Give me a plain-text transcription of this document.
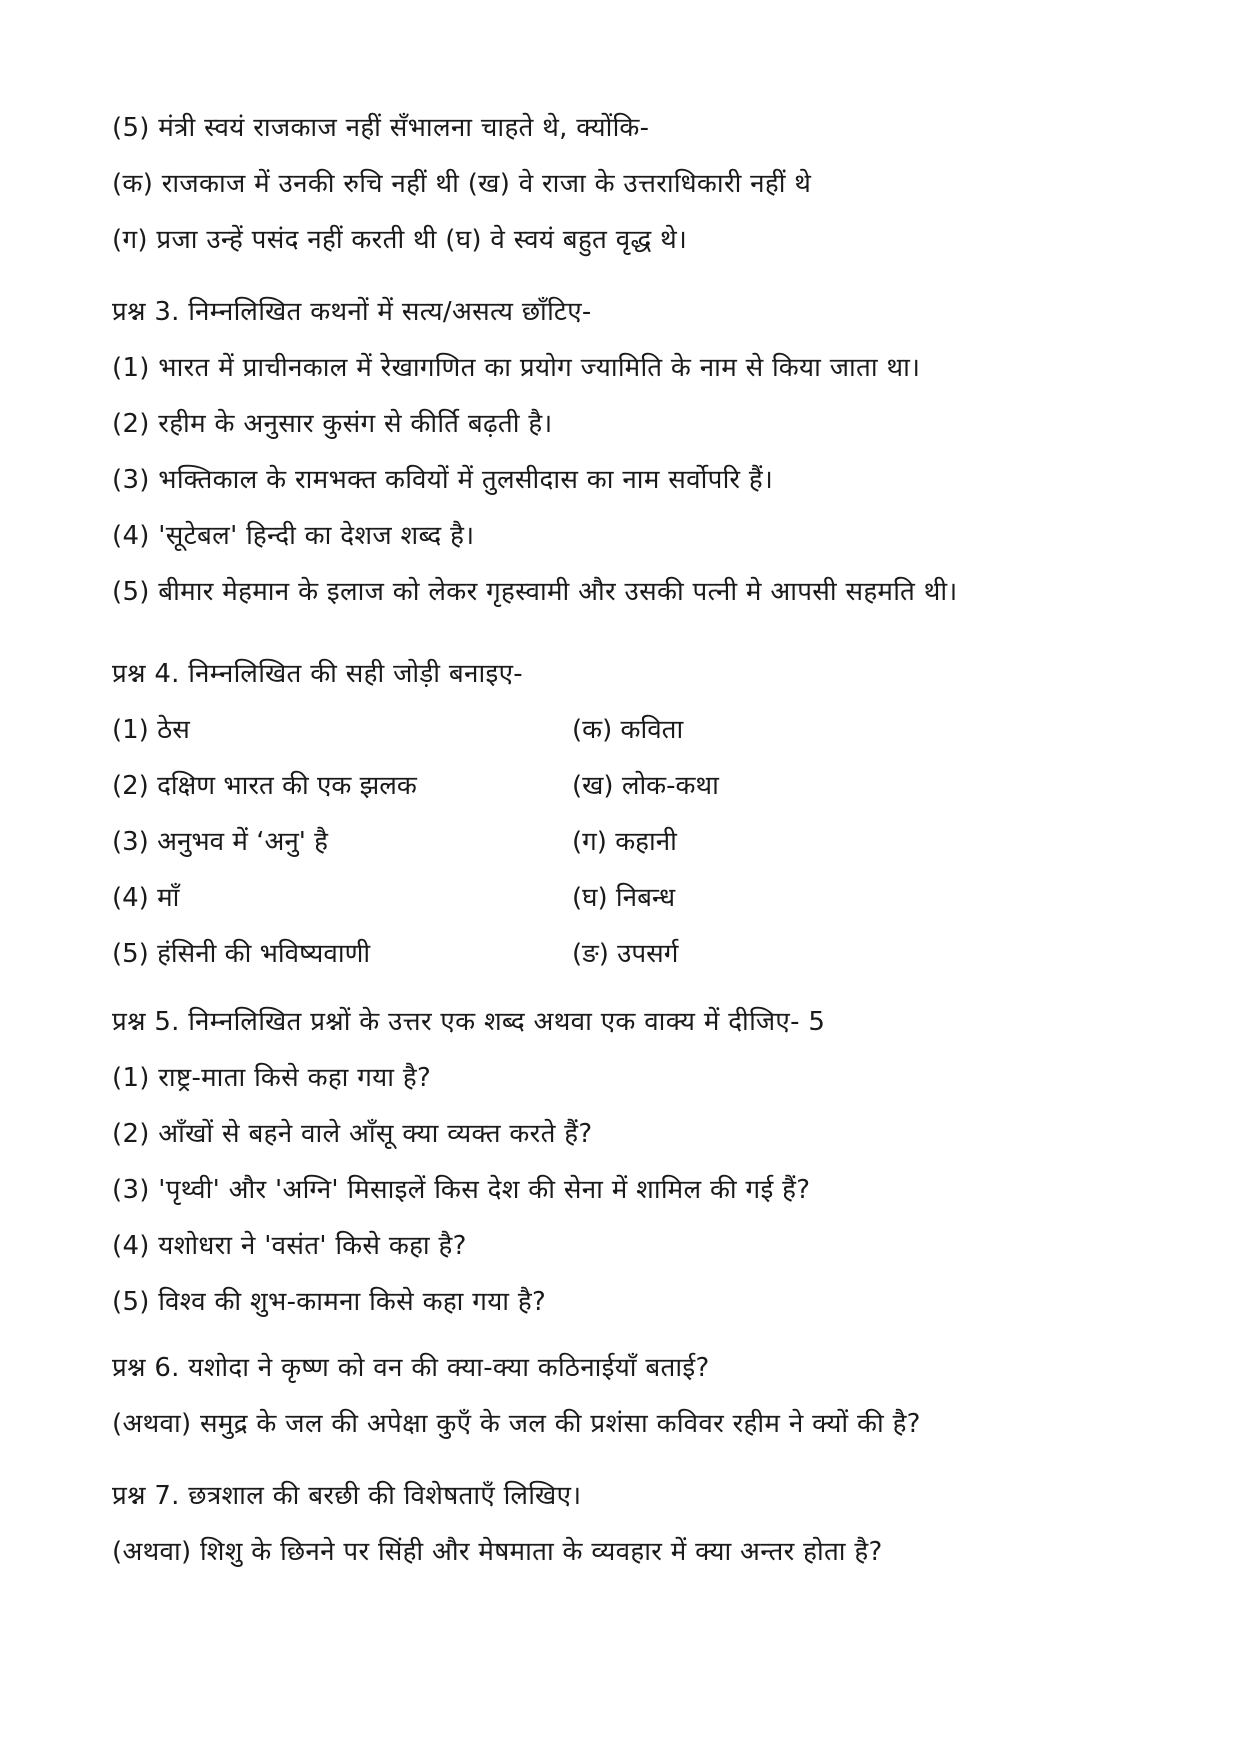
(5) मंत्री स्वयं राजकाज नहीं सँभालना चाहते थे, क्योंकि-
(क) राजकाज में उनकी रुचि नहीं थी (ख) वे राजा के उत्तराधिकारी नहीं थे
(ग) प्रजा उन्हें पसंद नहीं करती थी (घ) वे स्वयं बहुत वृद्ध थे।
प्रश्न 3. निम्नलिखित कथनों में सत्य/असत्य छाँटिए-
(1) भारत में प्राचीनकाल में रेखागणित का प्रयोग ज्यामिति के नाम से किया जाता था।
(2) रहीम के अनुसार कुसंग से कीर्ति बढ़ती है।
(3) भक्तिकाल के रामभक्त कवियों में तुलसीदास का नाम सर्वोपरि हैं।
(4) 'सूटेबल' हिन्दी का देशज शब्द है।
(5) बीमार मेहमान के इलाज को लेकर गृहस्वामी और उसकी पत्नी मे आपसी सहमति थी।
प्रश्न 4. निम्नलिखित की सही जोड़ी बनाइए-
(1) ठेस	(क) कविता
(2) दक्षिण भारत की एक झलक	(ख) लोक-कथा
(3) अनुभव में ‘अनु' है	(ग) कहानी
(4) माँ	(घ) निबन्ध
(5) हंसिनी की भविष्यवाणी	(ङ) उपसर्ग
प्रश्न 5. निम्नलिखित प्रश्नों के उत्तर एक शब्द अथवा एक वाक्य में दीजिए- 5
(1) राष्ट्र-माता किसे कहा गया है?
(2) आँखों से बहने वाले आँसू क्या व्यक्त करते हैं?
(3) 'पृथ्वी' और 'अग्नि' मिसाइलें किस देश की सेना में शामिल की गई हैं?
(4) यशोधरा ने 'वसंत' किसे कहा है?
(5) विश्व की शुभ-कामना किसे कहा गया है?
प्रश्न 6. यशोदा ने कृष्ण को वन की क्या-क्या कठिनाईयाँ बताई?
(अथवा) समुद्र के जल की अपेक्षा कुएँ के जल की प्रशंसा कविवर रहीम ने क्यों की है?
प्रश्न 7. छत्रशाल की बरछी की विशेषताएँ लिखिए।
(अथवा) शिशु के छिनने पर सिंही और मेषमाता के व्यवहार में क्या अन्तर होता है?
